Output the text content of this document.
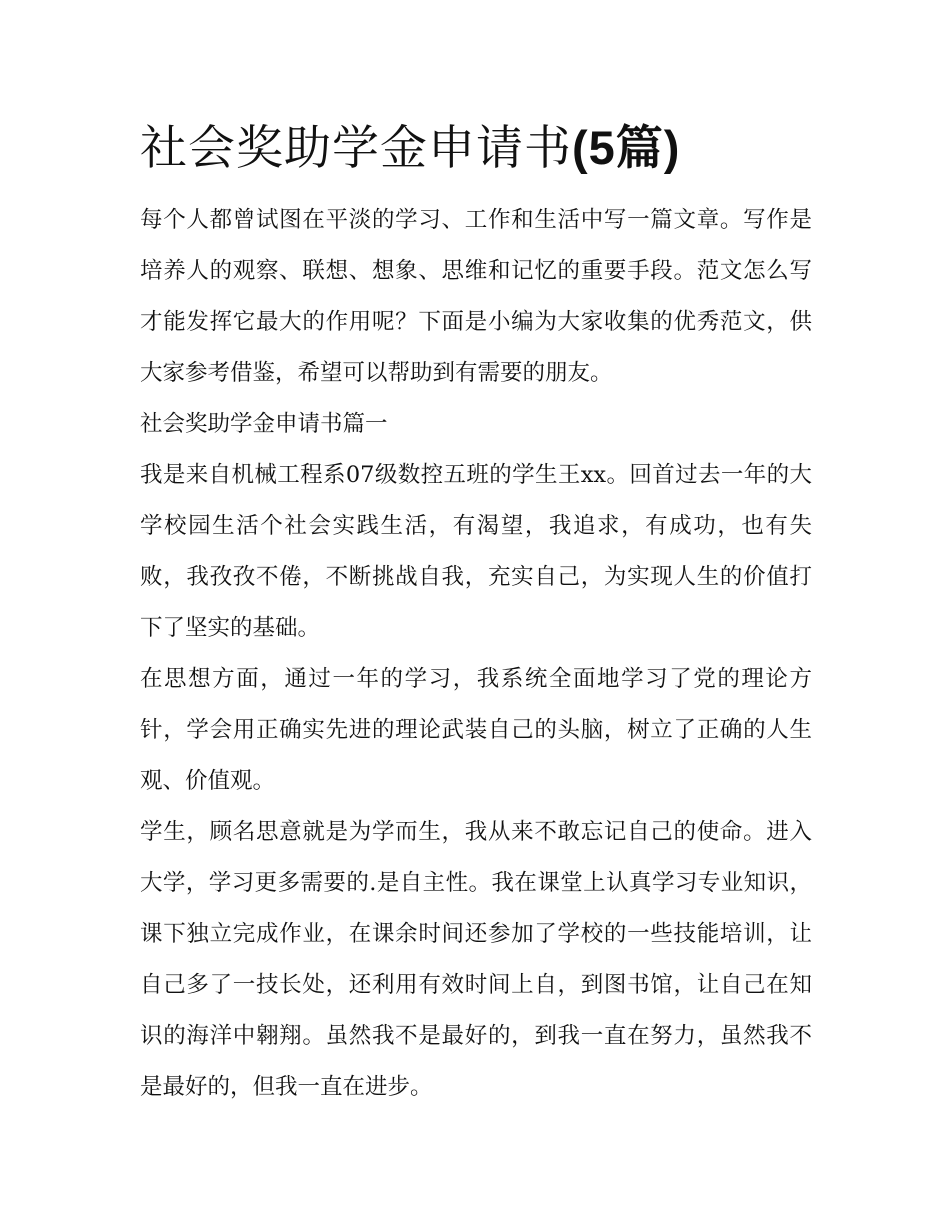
社会奖助学金申请书(5篇)

每个人都曾试图在平淡的学习、工作和生活中写一篇文章。写作是培养人的观察、联想、想象、思维和记忆的重要手段。范文怎么写才能发挥它最大的作用呢？下面是小编为大家收集的优秀范文，供大家参考借鉴，希望可以帮助到有需要的朋友。

社会奖助学金申请书篇一

我是来自机械工程系07级数控五班的学生王xx。回首过去一年的大学校园生活个社会实践生活，有渴望，我追求，有成功，也有失败，我孜孜不倦，不断挑战自我，充实自己，为实现人生的价值打下了坚实的基础。

在思想方面，通过一年的学习，我系统全面地学习了党的理论方针，学会用正确实先进的理论武装自己的头脑，树立了正确的人生观、价值观。

学生，顾名思意就是为学而生，我从来不敢忘记自己的使命。进入大学，学习更多需要的.是自主性。我在课堂上认真学习专业知识，课下独立完成作业，在课余时间还参加了学校的一些技能培训，让自己多了一技长处，还利用有效时间上自，到图书馆，让自己在知识的海洋中翱翔。虽然我不是最好的，到我一直在努力，虽然我不是最好的，但我一直在进步。
